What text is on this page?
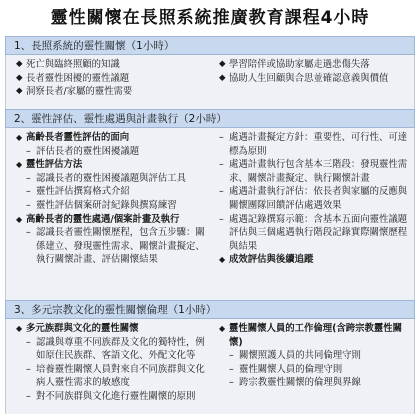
靈性關懷在長照系統推廣教育課程4小時
1、長照系統的靈性關懷（1小時）
◆ 死亡與臨終照顧的知識
◆ 長者靈性困擾的靈性議題
◆ 洞察長者/家屬的靈性需要
◆ 學習陪伴或協助家屬走過悲傷失落
◆ 協助人生回顧與合思並確認意義與價值
2、靈性評估、靈性處遇與計畫執行（2小時）
◆ 高齡長者靈性評估的面向
– 評估長者的靈性困擾議題
◆ 靈性評估方法
– 認識長者的靈性困擾議題與評估工具
– 靈性評估撰寫格式介紹
– 靈性評估個案研討紀錄與撰寫練習
◆ 高齡長者的靈性處遇/個案計畫及執行
– 認識長者靈性關懷歷程，包含五步驟：關係建立、發現靈性需求、關懷計畫擬定、執行關懷計畫、評估關懷結果
– 處遇計畫擬定方針：重要性、可行性、可達標為原則
– 處遇計畫執行包含基本三階段：發現靈性需求、關懷計畫擬定、執行關懷計畫
– 處遇計畫執行評估：依長者與家屬的反應與關懷團隊回饋評估處遇效果
– 處遇記錄撰寫示範：含基本五面向靈性議題評估與三個處遇執行階段記錄實際關懷歷程與結果
◆ 成效評估與後續追蹤
3、多元宗教文化的靈性關懷倫理（1小時）
◆ 多元族群與文化的靈性關懷
– 認識與尊重不同族群及文化的獨特性，例如原住民族群、客語文化、外配文化等
– 培養靈性關懷人員對來自不同族群與文化病人靈性需求的敏感度
– 對不同族群與文化進行靈性關懷的原則
◆ 靈性關懷人員的工作倫理(含跨宗教靈性關懷)
– 關懷照護人員的共同倫理守則
– 靈性關懷人員的倫理守則
– 跨宗教靈性關懷的倫理與界線
